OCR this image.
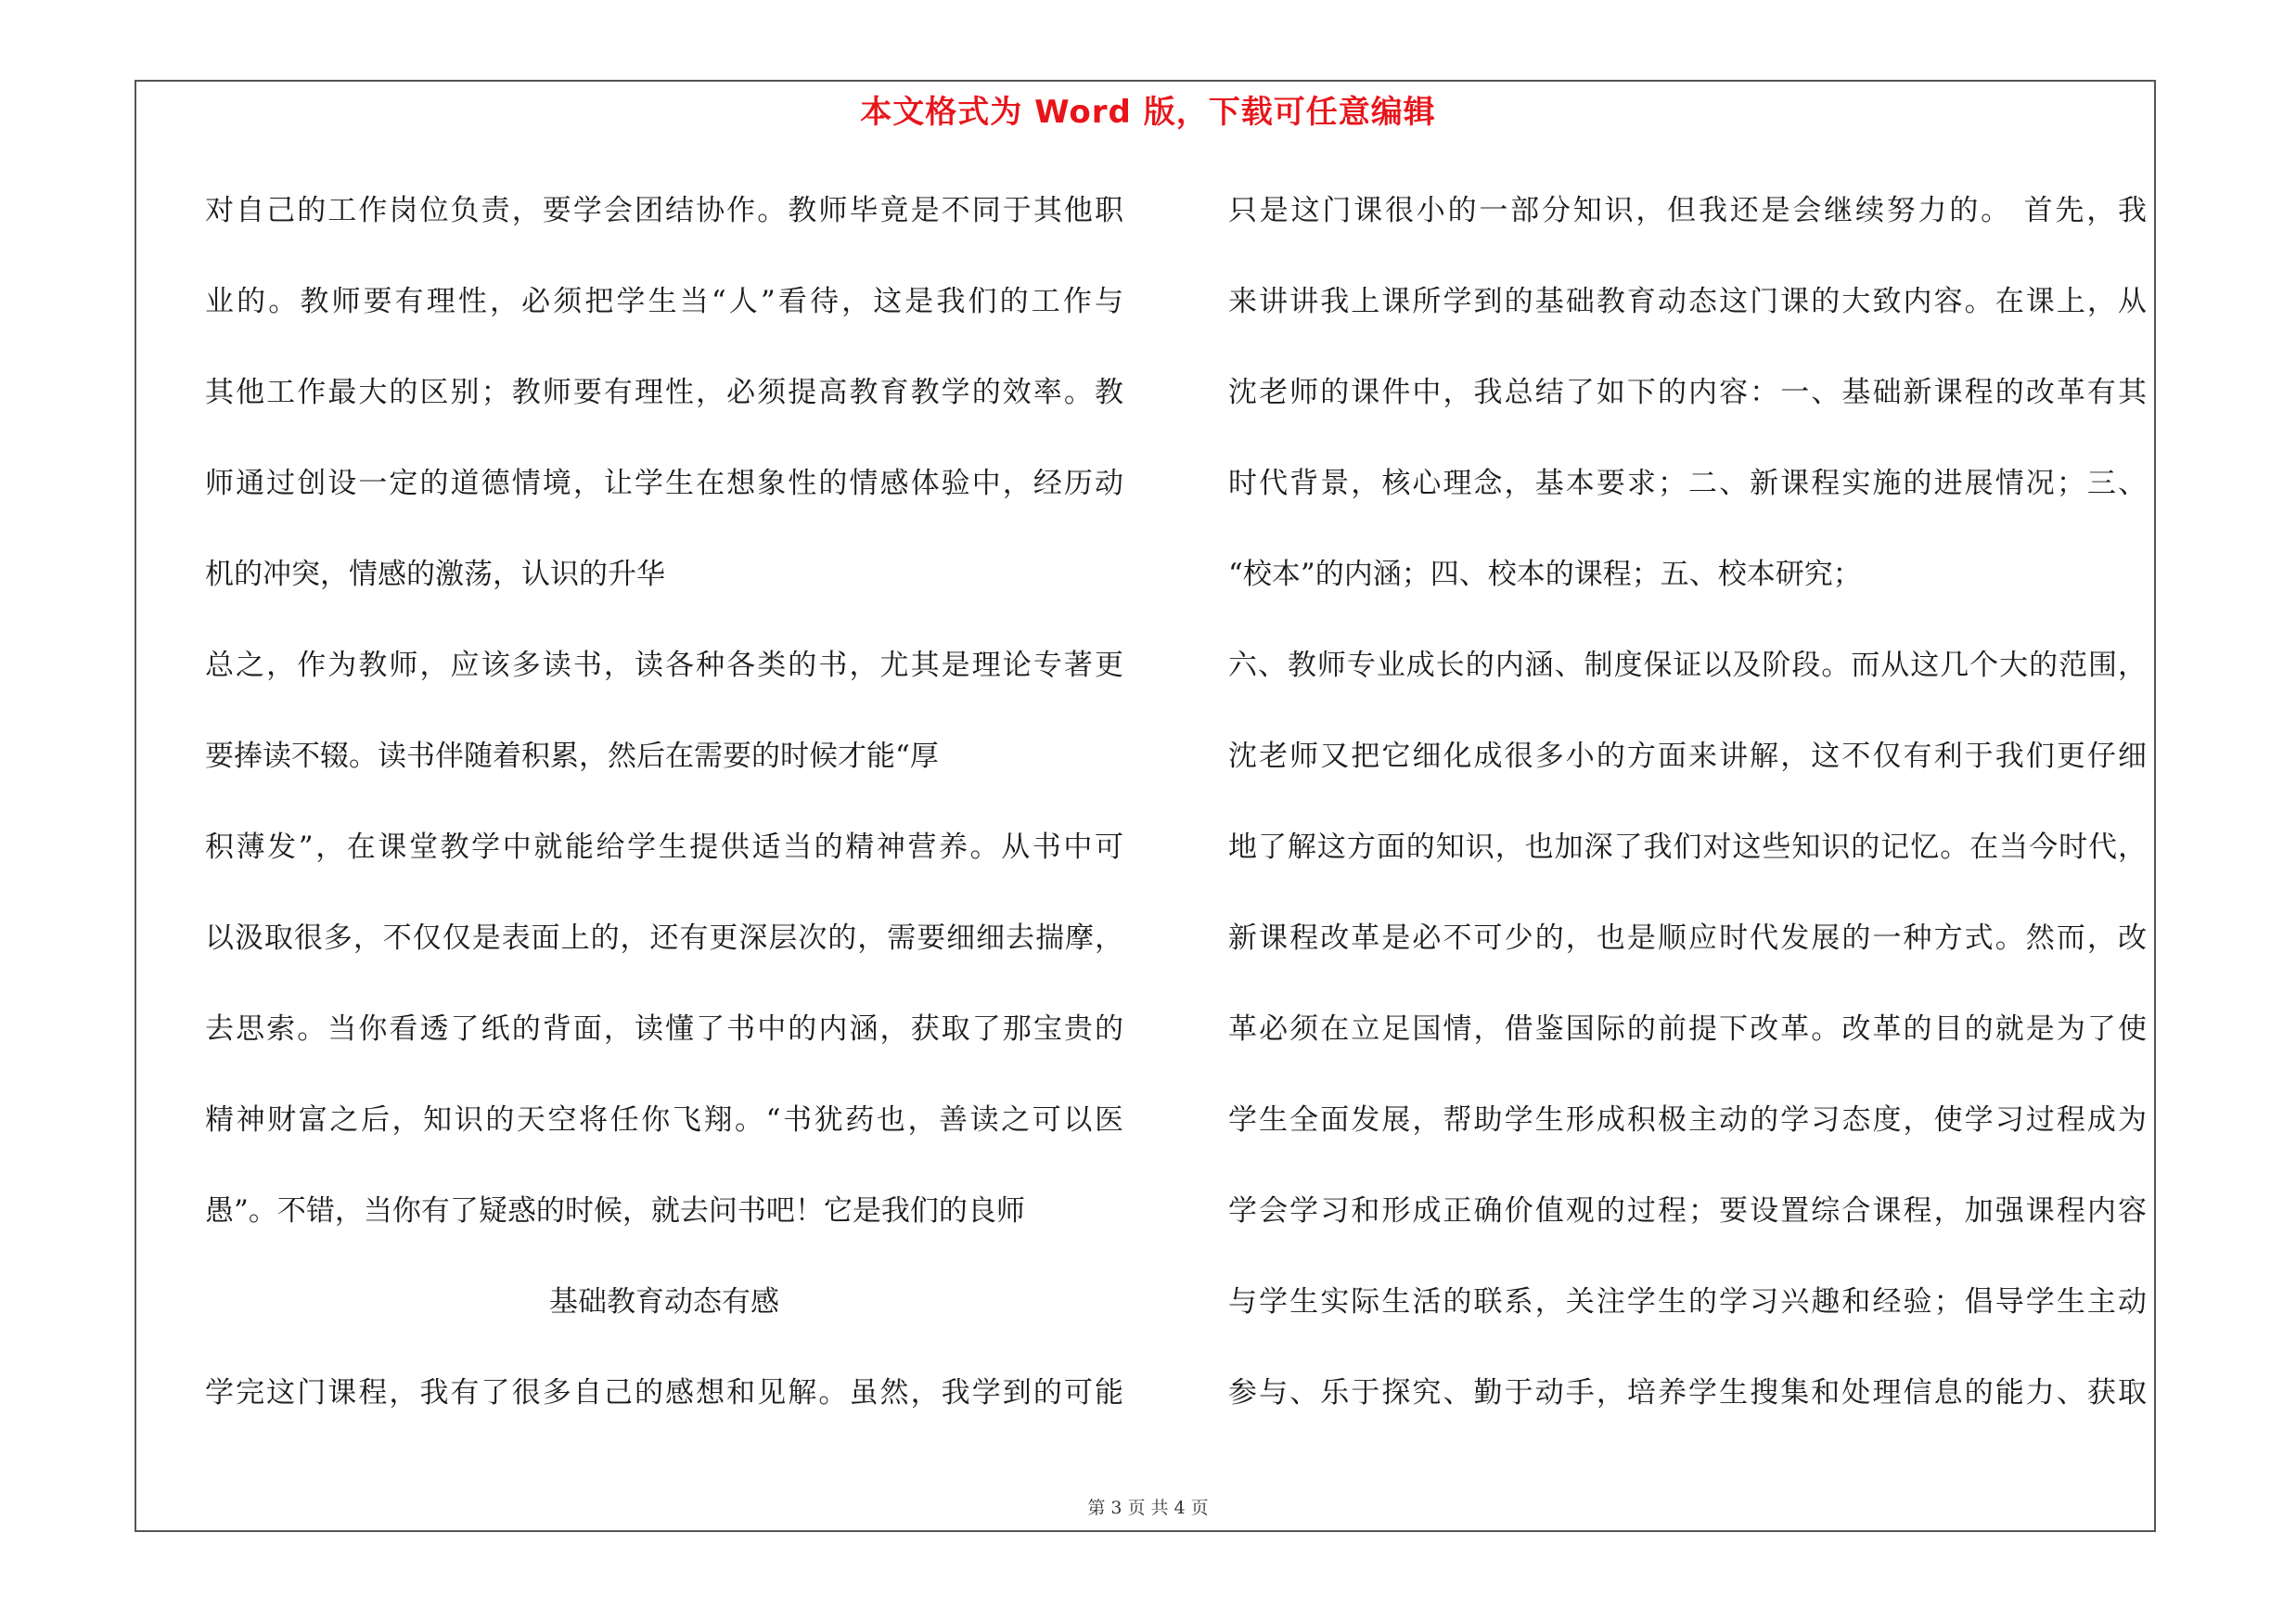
本文格式为 Word 版，下载可任意编辑
对自己的工作岗位负责，要学会团结协作。教师毕竟是不同于其他职
业的。教师要有理性，必须把学生当“人”看待，这是我们的工作与
其他工作最大的区别；教师要有理性，必须提高教育教学的效率。教
师通过创设一定的道德情境，让学生在想象性的情感体验中，经历动
机的冲突，情感的激荡，认识的升华
总之，作为教师，应该多读书，读各种各类的书，尤其是理论专著更
要捧读不辍。读书伴随着积累，然后在需要的时候才能“厚
积薄发”，在课堂教学中就能给学生提供适当的精神营养。从书中可
以汲取很多，不仅仅是表面上的，还有更深层次的，需要细细去揣摩，
去思索。当你看透了纸的背面，读懂了书中的内涵，获取了那宝贵的
精神财富之后，知识的天空将任你飞翔。“书犹药也，善读之可以医
愚”。不错，当你有了疑惑的时候，就去问书吧！它是我们的良师
基础教育动态有感
学完这门课程，我有了很多自己的感想和见解。虽然，我学到的可能
只是这门课很小的一部分知识，但我还是会继续努力的。 首先，我
来讲讲我上课所学到的基础教育动态这门课的大致内容。在课上，从
沈老师的课件中，我总结了如下的内容：一、基础新课程的改革有其
时代背景，核心理念，基本要求；二、新课程实施的进展情况；三、
“校本”的内涵；四、校本的课程；五、校本研究；
六、教师专业成长的内涵、制度保证以及阶段。而从这几个大的范围，
沈老师又把它细化成很多小的方面来讲解，这不仅有利于我们更仔细
地了解这方面的知识，也加深了我们对这些知识的记忆。在当今时代，
新课程改革是必不可少的，也是顺应时代发展的一种方式。然而，改
革必须在立足国情，借鉴国际的前提下改革。改革的目的就是为了使
学生全面发展，帮助学生形成积极主动的学习态度，使学习过程成为
学会学习和形成正确价值观的过程；要设置综合课程，加强课程内容
与学生实际生活的联系，关注学生的学习兴趣和经验；倡导学生主动
参与、乐于探究、勤于动手，培养学生搜集和处理信息的能力、获取
第 3 页 共 4 页
